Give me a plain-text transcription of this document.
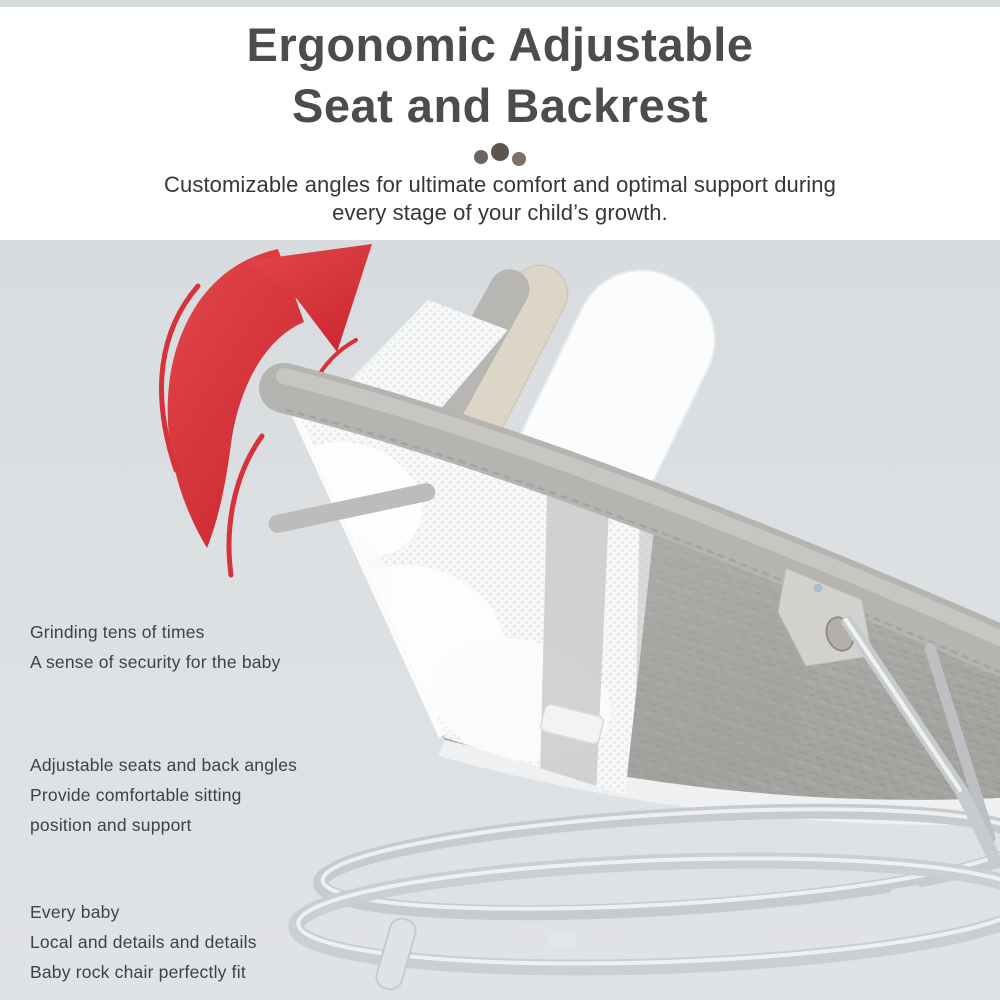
Ergonomic Adjustable
Seat and Backrest

Customizable angles for ultimate comfort and optimal support during
every stage of your child’s growth.

Grinding tens of times
A sense of security for the baby
Adjustable seats and back angles
Provide comfortable sitting
position and support
Every baby
Local and details and details
Baby rock chair perfectly fit
